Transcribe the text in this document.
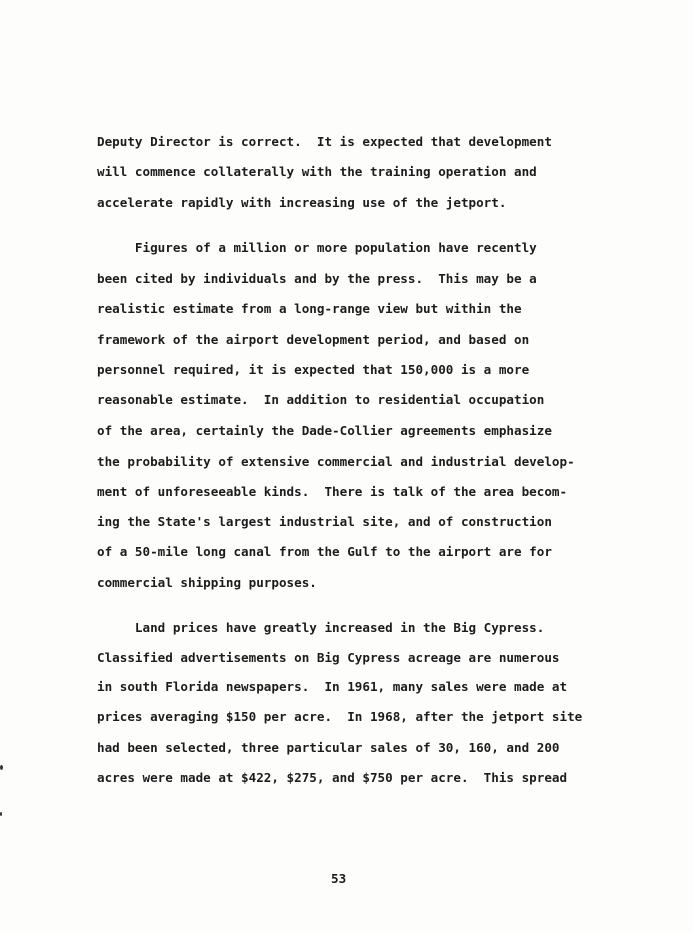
Deputy Director is correct.  It is expected that development
will commence collaterally with the training operation and
accelerate rapidly with increasing use of the jetport.
Figures of a million or more population have recently
been cited by individuals and by the press.  This may be a
realistic estimate from a long-range view but within the
framework of the airport development period, and based on
personnel required, it is expected that 150,000 is a more
reasonable estimate.  In addition to residential occupation
of the area, certainly the Dade-Collier agreements emphasize
the probability of extensive commercial and industrial develop-
ment of unforeseeable kinds.  There is talk of the area becom-
ing the State's largest industrial site, and of construction
of a 50-mile long canal from the Gulf to the airport are for
commercial shipping purposes.
Land prices have greatly increased in the Big Cypress.
Classified advertisements on Big Cypress acreage are numerous
in south Florida newspapers.  In 1961, many sales were made at
prices averaging $150 per acre.  In 1968, after the jetport site
had been selected, three particular sales of 30, 160, and 200
acres were made at $422, $275, and $750 per acre.  This spread
53
